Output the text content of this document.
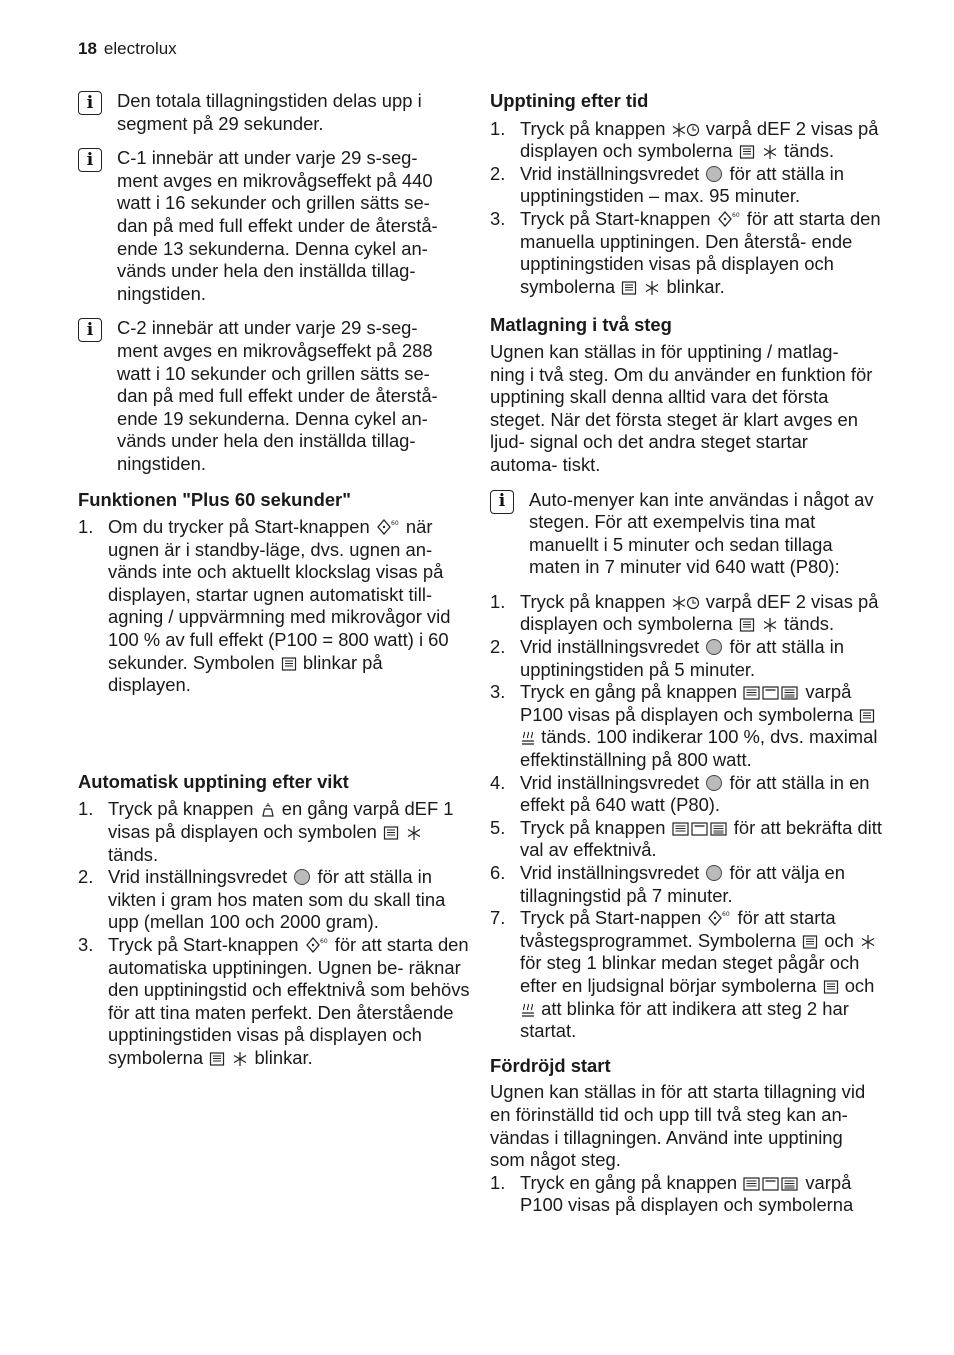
18 electrolux
i	Den totala tillagningstiden delas upp i segment på 29 sekunder.

i	C-1 innebär att under varje 29 s-seg-
ment avges en mikrovågseffekt på 440
watt i 16 sekunder och grillen sätts se-
dan på med full effekt under de återstå-
ende 13 sekunderna. Denna cykel an-
vänds under hela den inställda tillag-
ningstiden.
i	C-2 innebär att under varje 29 s-seg-
ment avges en mikrovågseffekt på 288
watt i 10 sekunder och grillen sätts se-
dan på med full effekt under de återstå-
ende 19 sekunderna. Denna cykel an-
vänds under hela den inställda tillag-
ningstiden.
Funktionen "Plus 60 sekunder"
1. Om du trycker på Start-knappen	60 när ugnen är i standby-läge, dvs. ugnen an- vänds inte och aktuellt klockslag visas på displayen, startar ugnen automatiskt till- agning / uppvärmning med mikrovågor vid 100 % av full effekt (P100 = 800 watt) i 60 sekunder. Symbolen blinkar på displayen.
Automatisk upptining efter vikt
1. Tryck på knappen en gång varpå dEF 1 visas på displayen och symbolen   tänds.
2. Vrid inställningsvredet för att ställa in vikten i gram hos maten som du skall tina upp (mellan 100 och 2000 gram).
3. Tryck på Start-knappen	60 för att starta den automatiska upptiningen. Ugnen be- räknar den upptiningstid och effektnivå som behövs för att tina maten perfekt. Den återstående upptiningstiden visas på displayen och symbolerna	blinkar.
Upptining efter tid
1. Tryck på knappen varpå dEF 2 visas på displayen och symbolerna	tänds.
2. Vrid inställningsvredet för att ställa in upptiningstiden – max. 95 minuter.
3. Tryck på Start-knappen	60 för att starta den manuella upptiningen. Den återstå- ende upptiningstiden visas på displayen och symbolerna	blinkar.
Matlagning i två steg

Ugnen kan ställas in för upptining / matlag- ning i två steg. Om du använder en funktion för upptining skall denna alltid vara det första steget. När det första steget är klart avges en ljud- signal och det andra steget startar automa- tiskt.

i	Auto-menyer kan inte användas i något av stegen. För att exempelvis tina mat manuellt i 5 minuter och sedan tillaga maten in 7 minuter vid 640 watt (P80):

1. Tryck på knappen varpå dEF 2 visas på displayen och symbolerna	tänds.
2. Vrid inställningsvredet för att ställa in upptiningstiden på 5 minuter.
3. Tryck en gång på knappen	varpå P100 visas på displayen och symbolerna   tänds. 100 indikerar 100 %, dvs. maximal effektinställning på 800 watt.
4. Vrid inställningsvredet för att ställa in en effekt på 640 watt (P80).
5. Tryck på knappen	för att bekräfta ditt val av effektnivå.
6. Vrid inställningsvredet för att välja en tillagningstid på 7 minuter.
7. Tryck på Start-nappen	60 för att starta tvåstegsprogrammet. Symbolerna och  för steg 1 blinkar medan steget pågår och efter en ljudsignal börjar symbolerna och  att blinka för att indikera att steg 2 har startat.
Fördröjd start

Ugnen kan ställas in för att starta tillagning vid en förinställd tid och upp till två steg kan an- vändas i tillagningen. Använd inte upptining som något steg.

1. Tryck en gång på knappen	varpå P100 visas på displayen och symbolerna
